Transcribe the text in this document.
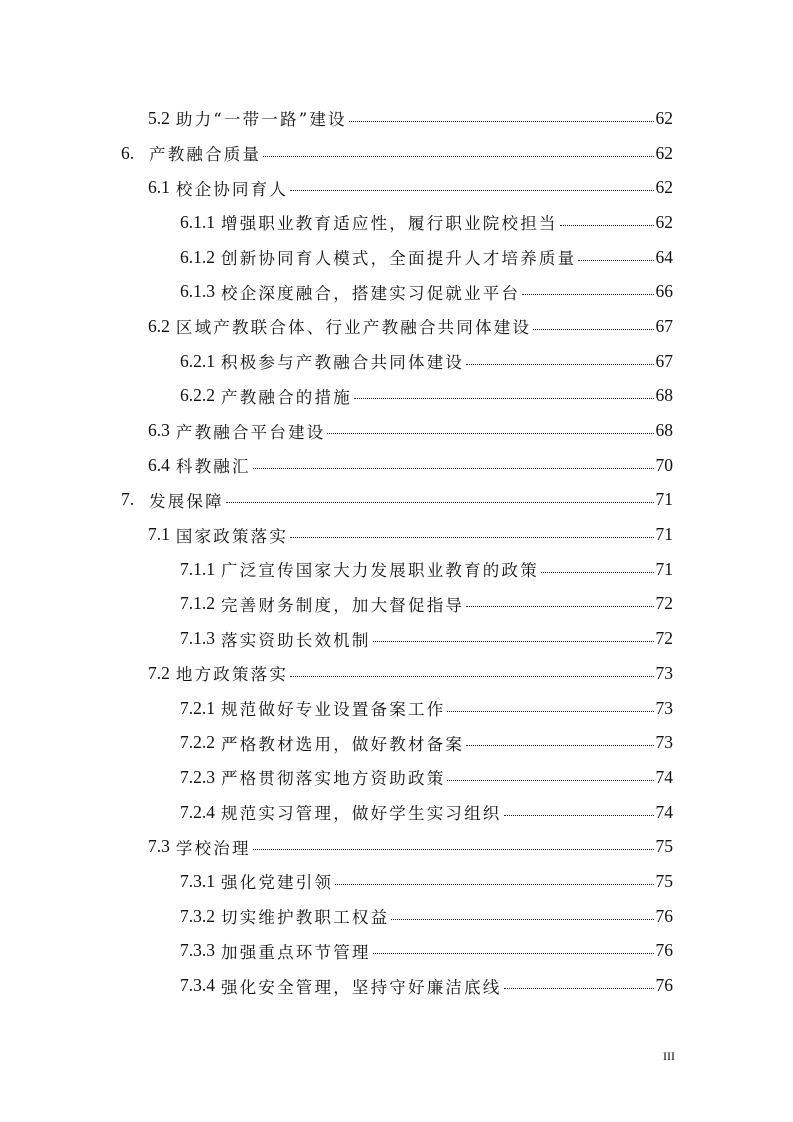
5.2 助力“一带一路”建设	62
6. 产教融合质量	62
6.1 校企协同育人	62
6.1.1 增强职业教育适应性，履行职业院校担当	62
6.1.2 创新协同育人模式，全面提升人才培养质量	64
6.1.3 校企深度融合，搭建实习促就业平台	66
6.2 区域产教联合体、行业产教融合共同体建设	67
6.2.1 积极参与产教融合共同体建设	67
6.2.2 产教融合的措施	68
6.3 产教融合平台建设	68
6.4 科教融汇	70
7. 发展保障	71
7.1 国家政策落实	71
7.1.1 广泛宣传国家大力发展职业教育的政策	71
7.1.2 完善财务制度，加大督促指导	72
7.1.3 落实资助长效机制	72
7.2 地方政策落实	73
7.2.1 规范做好专业设置备案工作	73
7.2.2 严格教材选用，做好教材备案	73
7.2.3 严格贯彻落实地方资助政策	74
7.2.4 规范实习管理，做好学生实习组织	74
7.3 学校治理	75
7.3.1 强化党建引领	75
7.3.2 切实维护教职工权益	76
7.3.3 加强重点环节管理	76
7.3.4 强化安全管理，坚持守好廉洁底线	76
III
